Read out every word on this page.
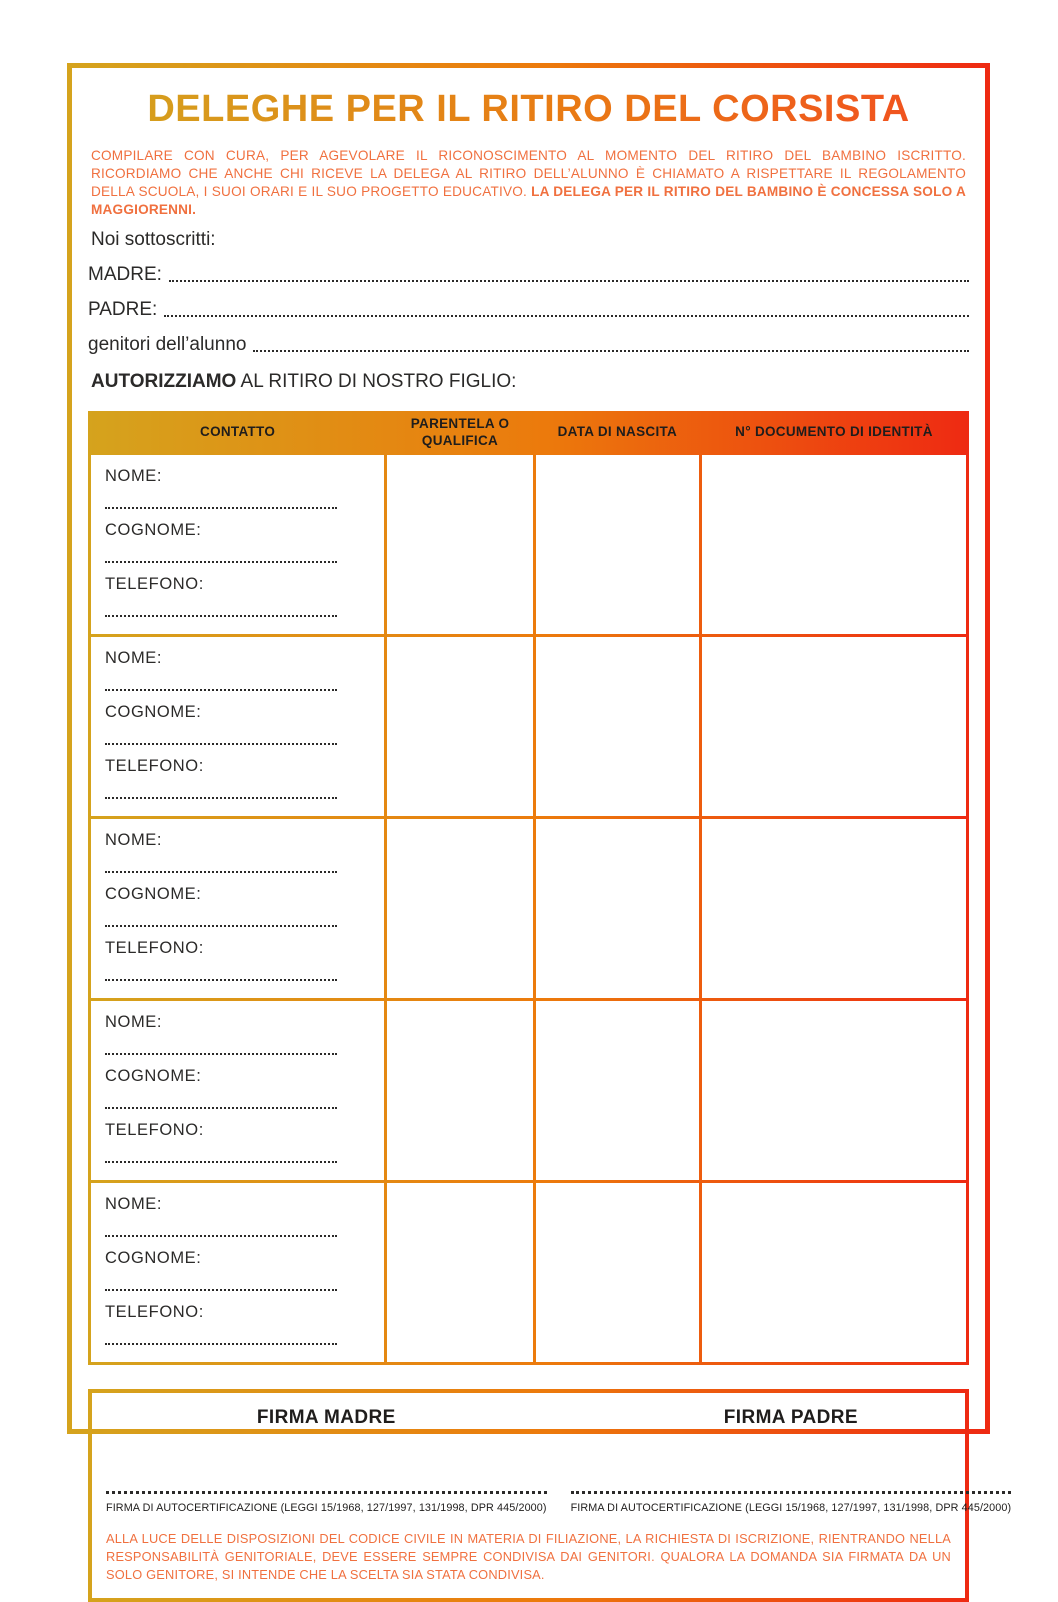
DELEGHE PER IL RITIRO DEL CORSISTA

COMPILARE CON CURA, PER AGEVOLARE IL RICONOSCIMENTO AL MOMENTO DEL RITIRO DEL BAMBINO ISCRITTO. RICORDIAMO CHE ANCHE CHI RICEVE LA DELEGA AL RITIRO DELL’ALUNNO È CHIAMATO A RISPETTARE IL REGOLAMENTO DELLA SCUOLA, I SUOI ORARI E IL SUO PROGETTO EDUCATIVO. LA DELEGA PER IL RITIRO DEL BAMBINO È CONCESSA SOLO A MAGGIORENNI.

Noi sottoscritti:
MADRE:
PADRE:
genitori dell’alunno
AUTORIZZIAMO AL RITIRO DI NOSTRO FIGLIO:
CONTATTO
PARENTELA O QUALIFICA
DATA DI NASCITA	N° DOCUMENTO DI IDENTITÀ
NOME:
COGNOME:
TELEFONO:
NOME:
COGNOME:
TELEFONO:
NOME:
COGNOME:
TELEFONO:
NOME:
COGNOME:
TELEFONO:
NOME:
COGNOME:
TELEFONO:
FIRMA MADRE
FIRMA DI AUTOCERTIFICAZIONE (LEGGI 15/1968, 127/1997, 131/1998, DPR 445/2000)
FIRMA PADRE
FIRMA DI AUTOCERTIFICAZIONE (LEGGI 15/1968, 127/1997, 131/1998, DPR 445/2000)

ALLA LUCE DELLE DISPOSIZIONI DEL CODICE CIVILE IN MATERIA DI FILIAZIONE, LA RICHIESTA DI ISCRIZIONE, RIENTRANDO NELLA RESPONSABILITÀ GENITORIALE, DEVE ESSERE SEMPRE CONDIVISA DAI GENITORI. QUALORA LA DOMANDA SIA FIRMATA DA UN SOLO GENITORE, SI INTENDE CHE LA SCELTA SIA STATA CONDIVISA.
